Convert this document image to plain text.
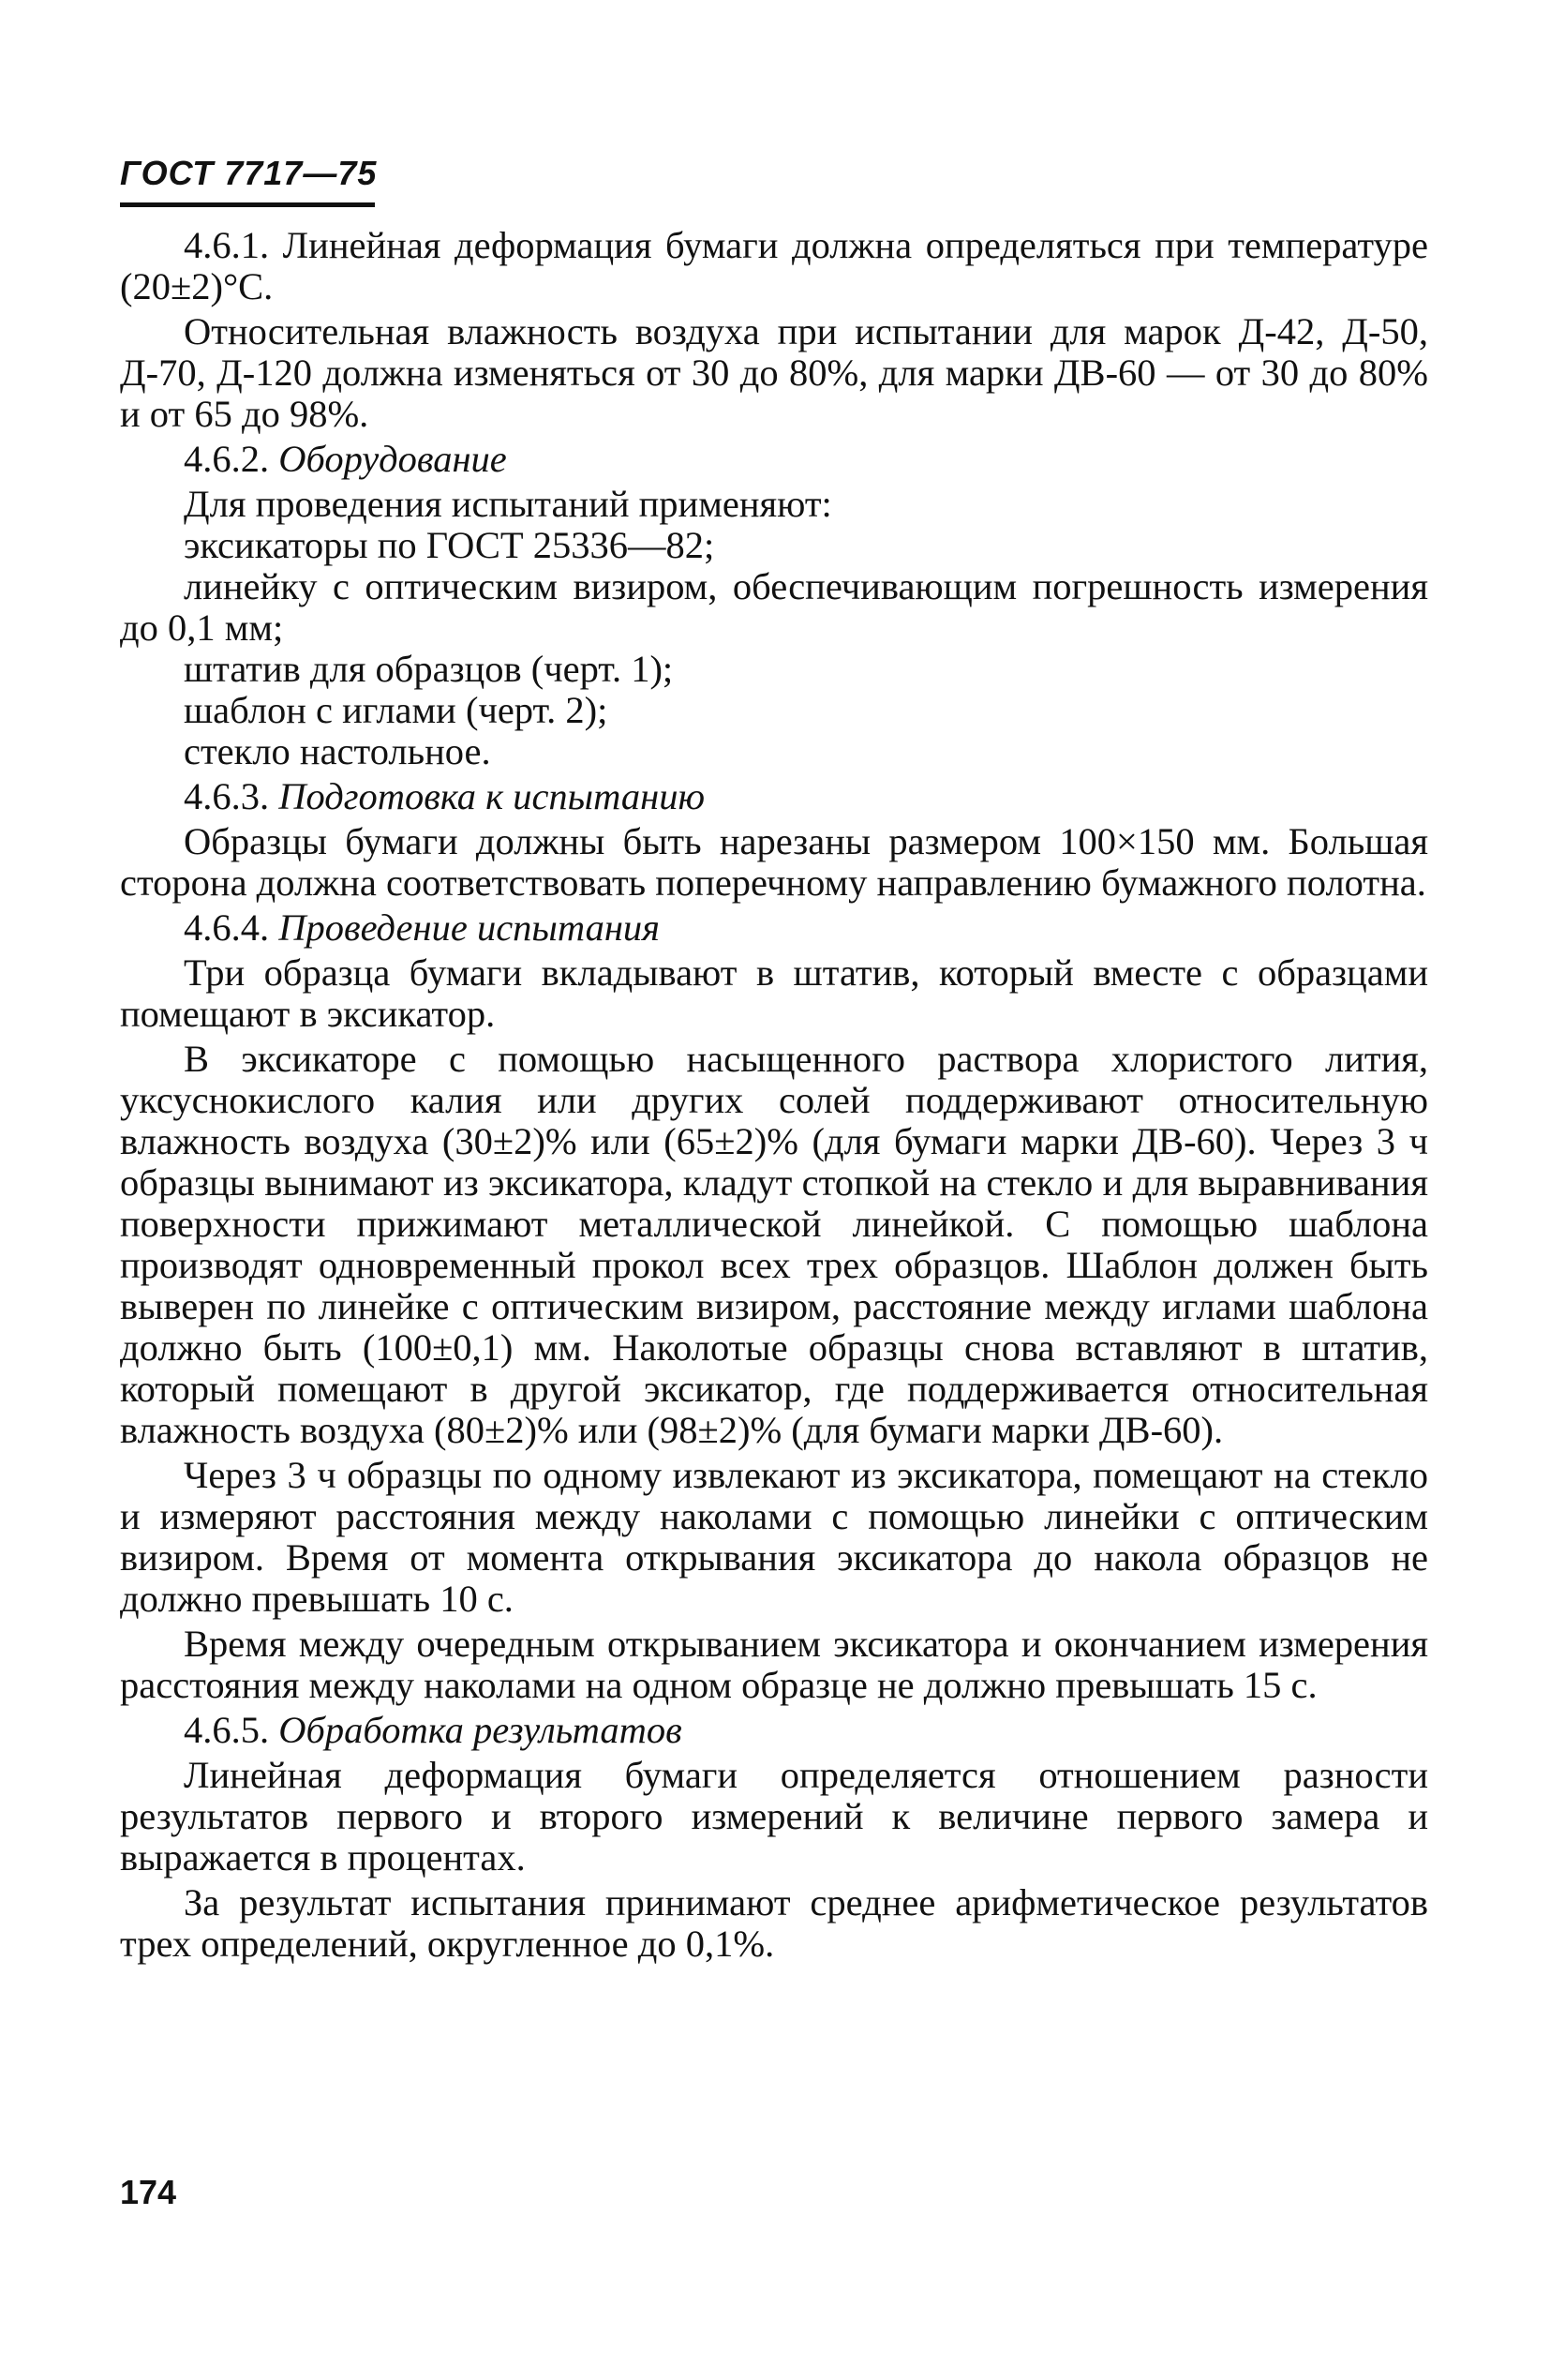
ГОСТ 7717—75

4.6.1. Линейная деформация бумаги должна определяться при температуре (20±2)°С.

Относительная влажность воздуха при испытании для марок Д-42, Д-50, Д-70, Д-120 должна изменяться от 30 до 80%, для марки ДВ-60 — от 30 до 80% и от 65 до 98%.

4.6.2. Оборудование

Для проведения испытаний применяют:

эксикаторы по ГОСТ 25336—82;

линейку с оптическим визиром, обеспечивающим погрешность измерения до 0,1 мм;

штатив для образцов (черт. 1);

шаблон с иглами (черт. 2);

стекло настольное.

4.6.3. Подготовка к испытанию

Образцы бумаги должны быть нарезаны размером 100×150 мм. Большая сторона должна соответствовать поперечному направлению бумажного полотна.

4.6.4. Проведение испытания

Три образца бумаги вкладывают в штатив, который вместе с образцами помещают в эксикатор.

В эксикаторе с помощью насыщенного раствора хлористого лития, уксуснокислого калия или других солей поддерживают относительную влажность воздуха (30±2)% или (65±2)% (для бумаги марки ДВ-60). Через 3 ч образцы вынимают из эксикатора, кладут стопкой на стекло и для выравнивания поверхности прижимают металлической линейкой. С помощью шаблона производят одновременный прокол всех трех образцов. Шаблон должен быть выверен по линейке с оптическим визиром, расстояние между иглами шаблона должно быть (100±0,1) мм. Наколотые образцы снова вставляют в штатив, который помещают в другой эксикатор, где поддерживается относительная влажность воздуха (80±2)% или (98±2)% (для бумаги марки ДВ-60).

Через 3 ч образцы по одному извлекают из эксикатора, помещают на стекло и измеряют расстояния между наколами с помощью линейки с оптическим визиром. Время от момента открывания эксикатора до накола образцов не должно превышать 10 с.

Время между очередным открыванием эксикатора и окончанием измерения расстояния между наколами на одном образце не должно превышать 15 с.

4.6.5. Обработка результатов

Линейная деформация бумаги определяется отношением разности результатов первого и второго измерений к величине первого замера и выражается в процентах.

За результат испытания принимают среднее арифметическое результатов трех определений, округленное до 0,1%.

174
